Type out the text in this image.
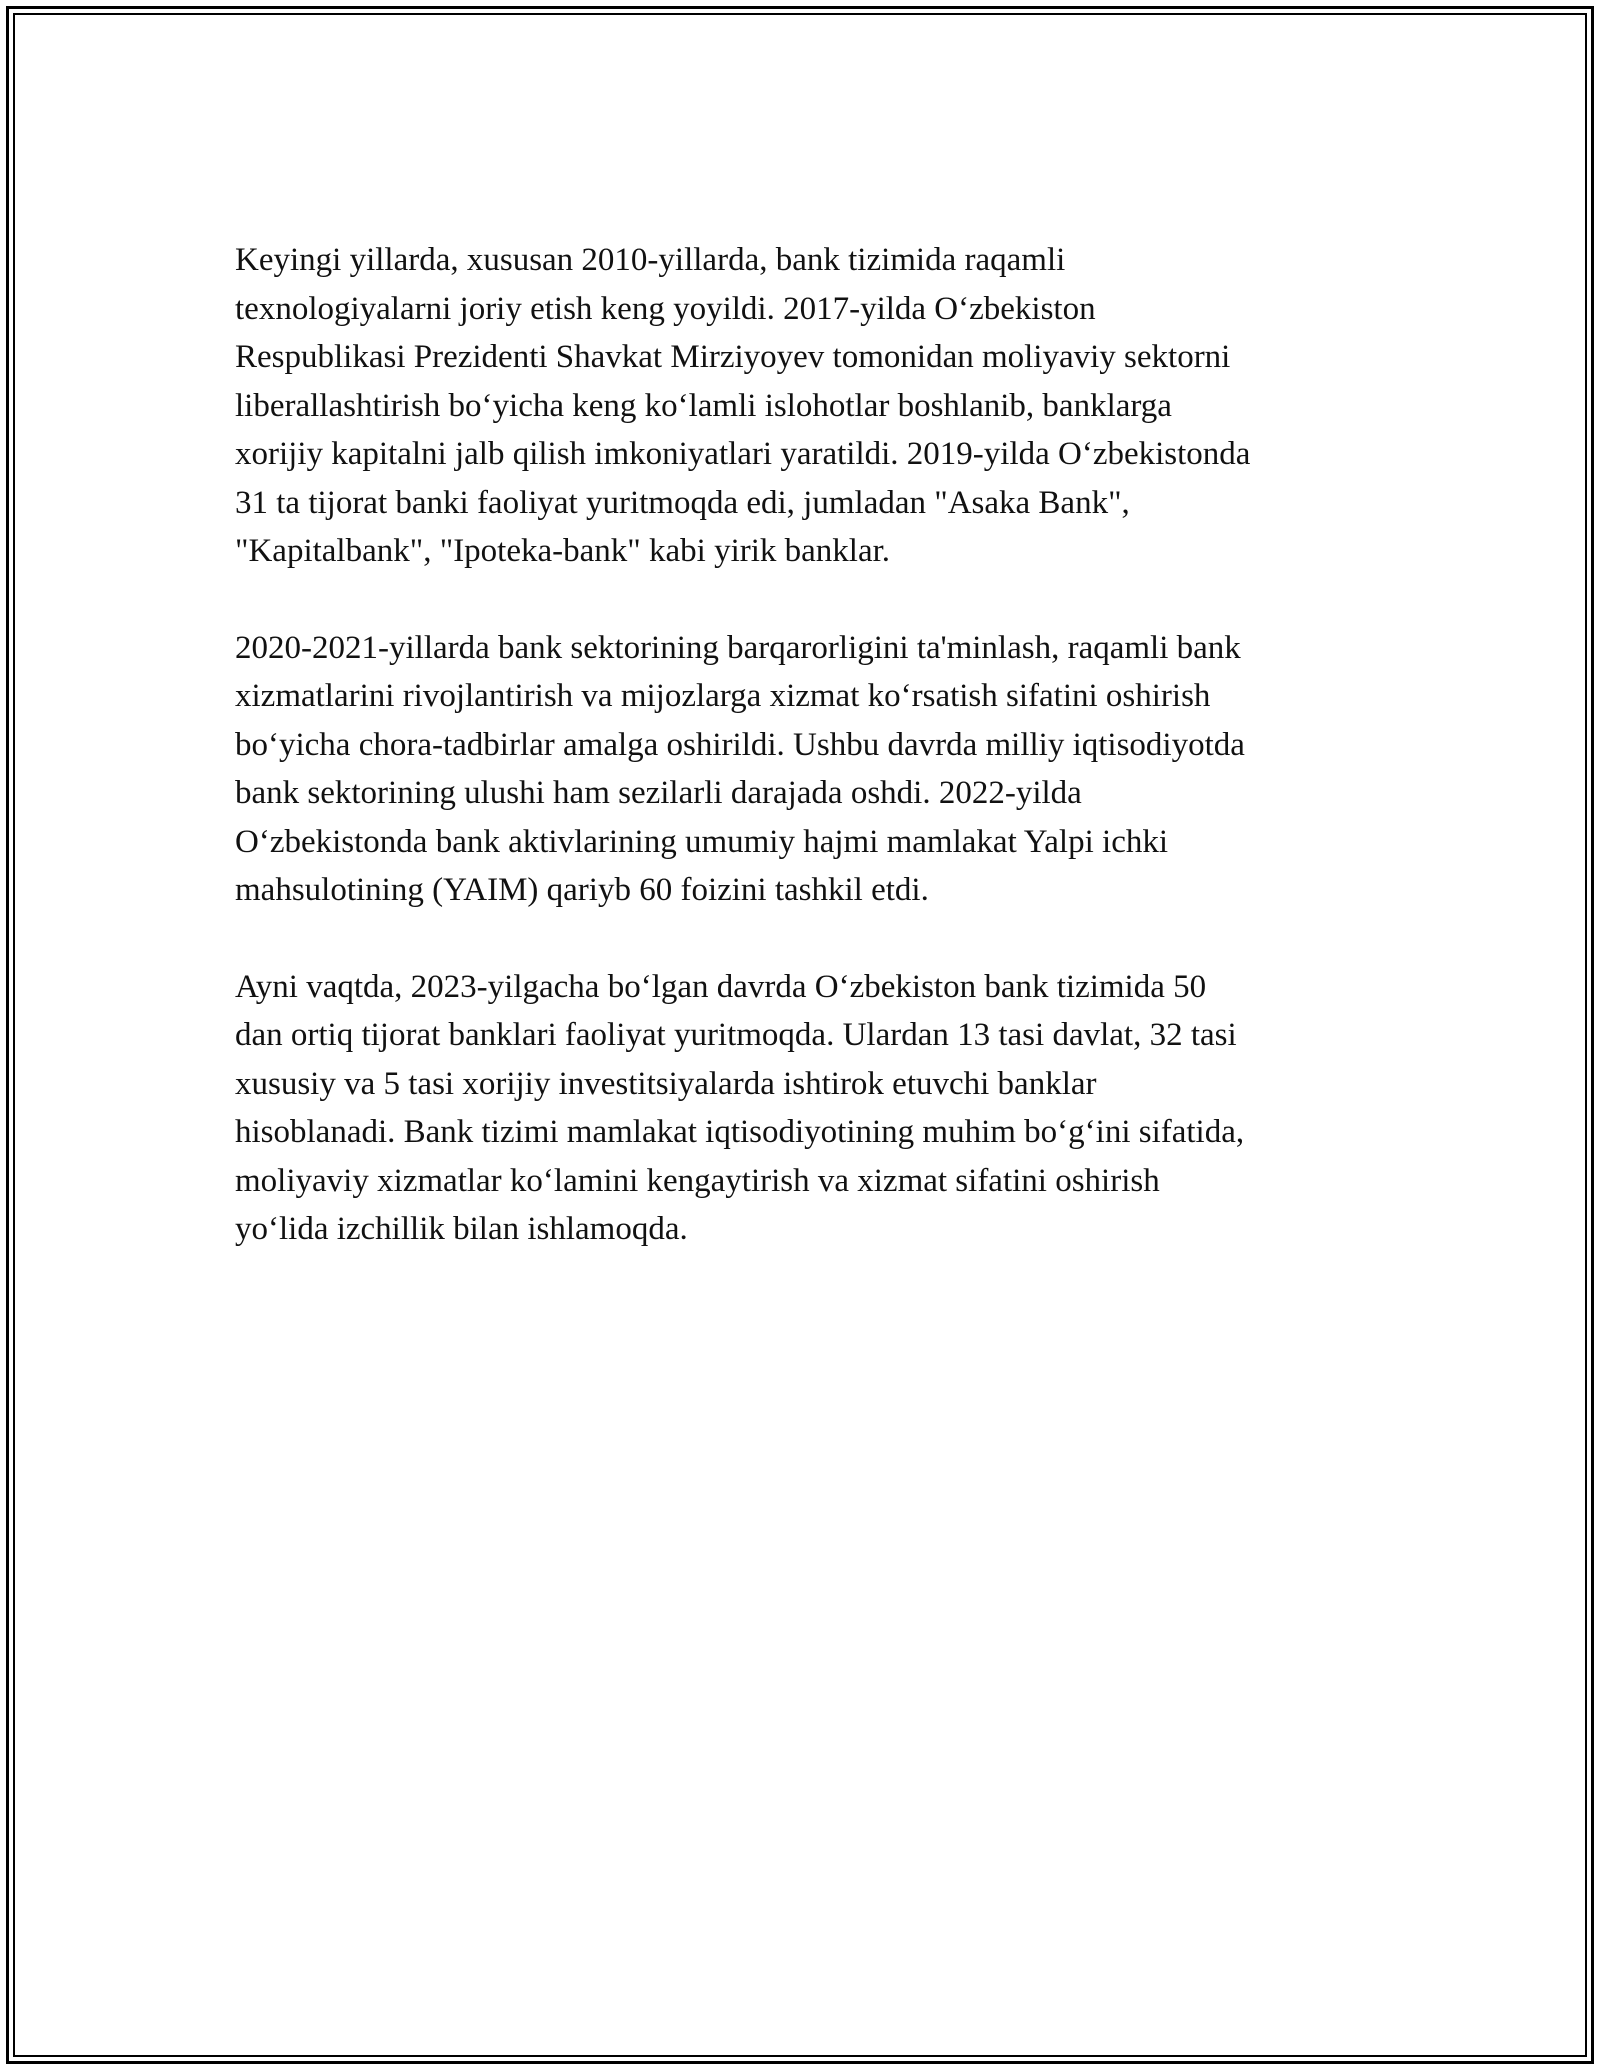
Keyingi yillarda, xususan 2010-yillarda, bank tizimida raqamli
texnologiyalarni joriy etish keng yoyildi. 2017-yilda O‘zbekiston
Respublikasi Prezidenti Shavkat Mirziyoyev tomonidan moliyaviy sektorni
liberallashtirish bo‘yicha keng ko‘lamli islohotlar boshlanib, banklarga
xorijiy kapitalni jalb qilish imkoniyatlari yaratildi. 2019-yilda O‘zbekistonda
31 ta tijorat banki faoliyat yuritmoqda edi, jumladan "Asaka Bank",
"Kapitalbank", "Ipoteka-bank" kabi yirik banklar.

2020-2021-yillarda bank sektorining barqarorligini ta'minlash, raqamli bank
xizmatlarini rivojlantirish va mijozlarga xizmat ko‘rsatish sifatini oshirish
bo‘yicha chora-tadbirlar amalga oshirildi. Ushbu davrda milliy iqtisodiyotda
bank sektorining ulushi ham sezilarli darajada oshdi. 2022-yilda
O‘zbekistonda bank aktivlarining umumiy hajmi mamlakat Yalpi ichki
mahsulotining (YAIM) qariyb 60 foizini tashkil etdi.

Ayni vaqtda, 2023-yilgacha bo‘lgan davrda O‘zbekiston bank tizimida 50
dan ortiq tijorat banklari faoliyat yuritmoqda. Ulardan 13 tasi davlat, 32 tasi
xususiy va 5 tasi xorijiy investitsiyalarda ishtirok etuvchi banklar
hisoblanadi. Bank tizimi mamlakat iqtisodiyotining muhim bo‘g‘ini sifatida,
moliyaviy xizmatlar ko‘lamini kengaytirish va xizmat sifatini oshirish
yo‘lida izchillik bilan ishlamoqda.
